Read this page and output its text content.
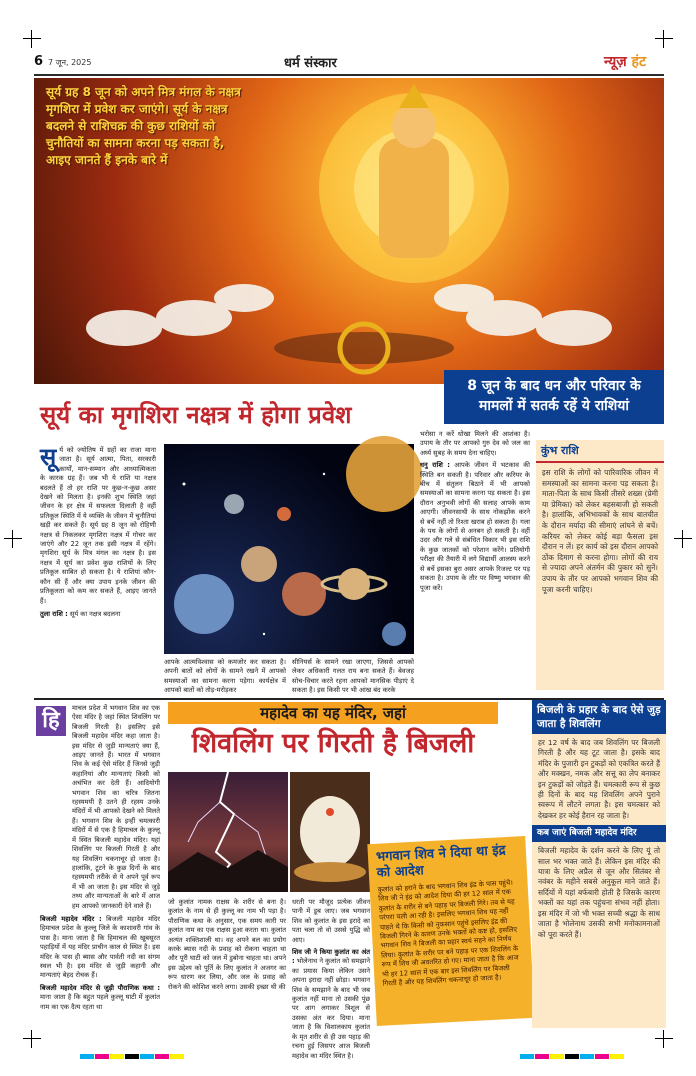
6 7 जून, 2025	धर्म संस्कार	न्यूज़ हंट
सूर्य ग्रह 8 जून को अपने मित्र मंगल के नक्षत्र मृगशिरा में प्रवेश कर जाएंगे। सूर्य के नक्षत्र बदलने से राशिचक्र की कुछ राशियों को चुनौतियों का सामना करना पड़ सकता है, आइए जानते हैं इनके बारे में
सूर्य का मृगशिरा नक्षत्र में होगा प्रवेश
8 जून के बाद धन और परिवार के मामलों में सतर्क रहें ये राशियां
सू र्य को ज्योतिष में ग्रहों का राजा माना जाता है। सूर्य आत्मा, पिता, सरकारी कार्यों, मान-सम्मान और आध्यात्मिकता के कारक ग्रह हैं। जब भी ये राशि या नक्षत्र बदलते हैं तो हर राशि पर कुछ-न-कुछ असर देखने को मिलता है। इनकी शुभ स्थिति जहां जीवन के हर क्षेत्र में सफलता दिलाती है वहीं प्रतिकूल स्थिति में ये व्यक्ति के जीवन में चुनौतियां खड़ी कर सकते हैं। सूर्य ग्रह 8 जून को रोहिणी नक्षत्र से निकलकर मृगशिरा नक्षत्र में गोचर कर जाएंगे और 22 जून तक इसी नक्षत्र में रहेंगे। मृगशिरा सूर्य के मित्र मंगल का नक्षत्र है। इस नक्षत्र में सूर्य का प्रवेश कुछ राशियों के लिए प्रतिकूल साबित हो सकता है। ये राशियां कौन-कौन सी हैं और क्या उपाय इनके जीवन की प्रतिकूलता को कम कर सकते हैं, आइए जानते हैं।

तुला राशि : सूर्य का नक्षत्र बदलना

आपके आत्मविश्वास को कमजोर कर सकता है। अपनी बातों को लोगों के सामने रखने में आपको समस्याओं का सामना करना पड़ेगा। कार्यक्षेत्र में आपको बातों को तोड़-मरोड़कर
सीनियर्स के सामने रखा जाएगा, जिससे आपको लेकर अधिकारी गलत राय बना सकते हैं। बेवजह सोच-विचार करते रहना आपको मानसिक पीड़ाएं दे सकता है। इस किसी पर भी आंख बंद करके

भरोसा न करें धोखा मिलने की आशंका है। उपाय के तौर पर आपको गुरु देव को जल का अर्घ्य सुबह के समय देना चाहिए।

धनु राशि : आपके जीवन में भटकाव की स्थिति बन सकती है। परिवार और करियर के बीच में संतुलन बिठाने में भी आपको समस्याओं का सामना करना पड़ सकता है। इस दौरान अनुभवी लोगों की सलाह आपके काम आएगी। जीवनसाथी के साथ नोकझोंक करने से बचें नहीं तो रिश्ता खराब हो सकता है। गला के पथ के लोगों से अनबन हो सकती है। वहीं उदर और गले से संबंधित विकार भी इस राशि के कुछ जातकों को परेशान करेंगे। प्रतियोगी परीक्षा की तैयारी में लगे विद्यार्थी आलस्य करने से बचें इसका बुरा असर आपके रिजल्ट पर पड़ सकता है। उपाय के तौर पर विष्णु भगवान की पूजा करें।

कुंभ राशि
इस राशि के लोगों को पारिवारिक जीवन में समस्याओं का सामना करना पड़ सकता है। माता-पिता के साथ किसी तीसरे शख्स (प्रेमी या प्रेमिका) को लेकर बहसबाजी हो सकती है। हालांकि, अभिभावकों के साथ बातचीत के दौरान मर्यादा की सीमाएं लांघने से बचें। करियर को लेकर कोई बड़ा फैसला इस दौरान न लें। हर कार्य को इस दौरान आपको ठोंक दिमाग से करना होगा। लोगों की राय से ज्यादा अपने अंतर्मन की पुकार को सुनें। उपाय के तौर पर आपको भगवान शिव की पूजा करनी चाहिए।
हि	माचल प्रदेश में भगवान शिव का एक ऐसा मंदिर है जहां स्थित शिवलिंग पर बिजली गिरती है। इसलिए इसे बिजली महादेव मंदिर कहा जाता है। इस मंदिर से जुड़ी मान्यताएं क्या हैं, आइए जानते हैं। भारत में भगवान शिव के कई ऐसे मंदिर हैं जिनसे जुड़ी कहानियां और मान्यताएं किसी को अचंभित कर देती हैं। आदियोगी भगवान शिव का चरित्र जितना रहस्यमयी है उतने ही रहस्य उनके मंदिरों में भी आपको देखने को मिलते हैं। भगवान शिव के इन्हीं चमत्कारी मंदिरों में से एक है हिमाचल के कुल्लू में स्थित बिजली महादेव मंदिर। यहां शिवलिंग पर बिजली गिरती है और यह शिवलिंग चकनाचूर हो जाता है। हालांकि, टूटने के कुछ दिनों के बाद रहस्यमयी तरीके से ये अपने पूर्व रूप में भी आ जाता है। इस मंदिर से जुड़े तथ्य और मान्यताओं के बारे में आज हम आपको जानकारी देने वाले हैं।

बिजली महादेव मंदिर : बिजली महादेव मंदिर हिमाचल प्रदेश के कुल्लू जिले के काशावरी गांव के पास है। माना जाता है कि हिमाचल की खूबसूरत पहाड़ियों में यह मंदिर प्राचीन काल से स्थित है। इस मंदिर के पास ही ब्यास और पार्वती नदी का संगम स्थल भी है। इस मंदिर से जुड़ी कहानी और मान्यताएं बेहद रोचक हैं।

बिजली महादेव मंदिर से जुड़ी पौराणिक कथा : माना जाता है कि बहुत पहले कुल्लू घाटी में कुलांत नाम का एक दैत्य रहता था

महादेव का यह मंदिर, जहां
शिवलिंग पर गिरती है बिजली
जो कुलांत नामक राक्षस के शरीर से बना है। कुलांत के नाम से ही कुल्लू का नाम भी पड़ा है। पौराणिक कथा के अनुसार, एक समय कारी पर कुलांत नाम का एक राक्षस हुआ करता था। कुलांत अत्यंत शक्तिशाली था। वह अपने बल का प्रयोग करके ब्यास नदी के प्रवाह को रोकना चाहता था और पूरी घाटी को जल में डुबोना चाहता था। अपने इस उद्देश्य को पूर्ति के लिए कुलांत ने अजगर का रूप धारण कर लिया, और जल के प्रवाह को रोकने की कोशिश करने लगा। उसकी इच्छा थी की

धरती पर मौजूद प्रत्येक जीवन पानी में डूब जाए। जब भगवान शिव को कुलांत के इस इरादे का पता चला तो वो उससे युद्धि को आए।

शिव जी ने किया कुलांत का अंत : भोलेनाथ ने कुलांत को समझाने का प्रयास किया लेकिन उसने अपना इरादा नहीं छोड़ा। भगवान शिव के समझाने के बाद भी जब कुलांत नहीं माना तो उसकी पूंछ पर आग लगाकर त्रिशूल से उसका अंत कर दिया। माना जाता है कि विशालकाय कुलांत के मृत शरीर से ही उस पहाड़ की रचना हुई जिसपर आज बिजली महादेव का मंदिर स्थित है।

भगवान शिव ने दिया था इंद्र को आदेश
कुलांत को हराने के बाद भगवान शिव इंद्र के पास पहुंचे। शिव जी ने इंद्र को आदेश दिया की हर 12 साल में एक कुलांत के शरीर से बने पहाड़ पर बिजली गिरे। तब से यह परंपरा चली आ रही है। इसलिए भगवान शिव यह नहीं चाहते थे कि किसी को नुकसान पहुंचे इसलिए इंद्र की बिजली गिरने के कारण उनके भक्तों को कष्ट हो, इसलिए भगवान शिव ने बिजली का प्रहार स्वयं सहने का निर्णय लिया। कुलांत के शरीर पर बने पहाड़ पर एक शिवलिंग के रूप में शिव जी अवतरित हो गए। माना जाता है कि आज भी हर 12 साल में एक बार इस शिवलिंग पर बिजली गिरती है और यह शिवलिंग चकनाचूर हो जाता है।
बिजली के प्रहार के बाद ऐसे जुड़ जाता है शिवलिंग
हर 12 वर्ष के बाद जब शिवलिंग पर बिजली गिरती है और यह टूट जाता है। इसके बाद मंदिर के पुजारी इन टुकड़ों को एकत्रित करते हैं और मक्खन, नमक और सत्तू का लेप बनाकर इन टुकड़ों को जोड़ते हैं। चमत्कारी रूप से कुछ ही दिनों के बाद यह शिवलिंग अपने पुराने स्वरूप में लौटने लगता है। इस चमत्कार को देखकर हर कोई हैरान रह जाता है।
कब जाएं बिजली महादेव मंदिर
बिजली महादेव के दर्शन करने के लिए यूं तो साल भर भक्त जाते हैं। लेकिन इस मंदिर की यात्रा के लिए अप्रैल से जून और सितंबर से नवंबर के महीने सबसे अनुकूल माने जाते हैं। सर्दियों में यहां बर्फबारी होती है जिसके कारण भक्तों का यहां तक पहुंचना संभव नहीं होता। इस मंदिर में जो भी भक्त सच्ची श्रद्धा के साथ जाता है भोलेनाथ उसकी सभी मनोकामनाओं को पूरा करते हैं।
